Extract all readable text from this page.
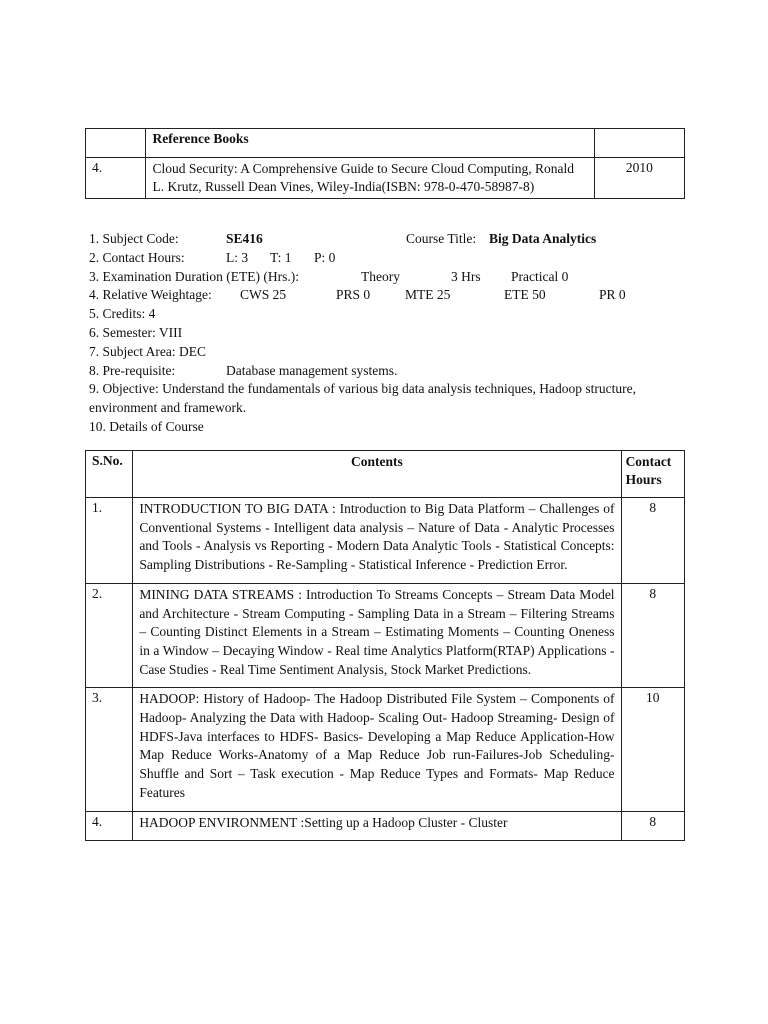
	Reference Books	
4.	Cloud Security: A Comprehensive Guide to Secure Cloud Computing, Ronald L. Krutz, Russell Dean Vines, Wiley-India(ISBN: 978-0-470-58987-8)	2010
1. Subject Code:	SE416	Course Title: Big Data Analytics
2. Contact Hours:	L: 3 T: 1 P: 0
3. Examination Duration (ETE) (Hrs.):	Theory	3 Hrs Practical 0
4. Relative Weightage: CWS 25	PRS 0	MTE 25	ETE 50	PR 0
5. Credits: 4
6. Semester: VIII
7. Subject Area: DEC
8. Pre-requisite:	Database management systems.
9. Objective: Understand the fundamentals of various big data analysis techniques, Hadoop structure, environment and framework.
10. Details of Course
S.No.	Contents	Contact Hours
1.	INTRODUCTION TO BIG DATA : Introduction to Big Data Platform – Challenges of Conventional Systems - Intelligent data analysis – Nature of Data - Analytic Processes and Tools - Analysis vs Reporting - Modern Data Analytic Tools - Statistical Concepts: Sampling Distributions - Re-Sampling - Statistical Inference - Prediction Error.	8
2.	MINING DATA STREAMS : Introduction To Streams Concepts – Stream Data Model and Architecture - Stream Computing - Sampling Data in a Stream – Filtering Streams – Counting Distinct Elements in a Stream – Estimating Moments – Counting Oneness in a Window – Decaying Window - Real time Analytics Platform(RTAP) Applications - Case Studies - Real Time Sentiment Analysis, Stock Market Predictions.	8
3.	HADOOP: History of Hadoop- The Hadoop Distributed File System – Components of Hadoop- Analyzing the Data with Hadoop- Scaling Out- Hadoop Streaming- Design of HDFS-Java interfaces to HDFS- Basics- Developing a Map Reduce Application-How Map Reduce Works-Anatomy of a Map Reduce Job run-Failures-Job Scheduling-Shuffle and Sort – Task execution - Map Reduce Types and Formats- Map Reduce Features	10
4.	HADOOP ENVIRONMENT :Setting up a Hadoop Cluster - Cluster	8
